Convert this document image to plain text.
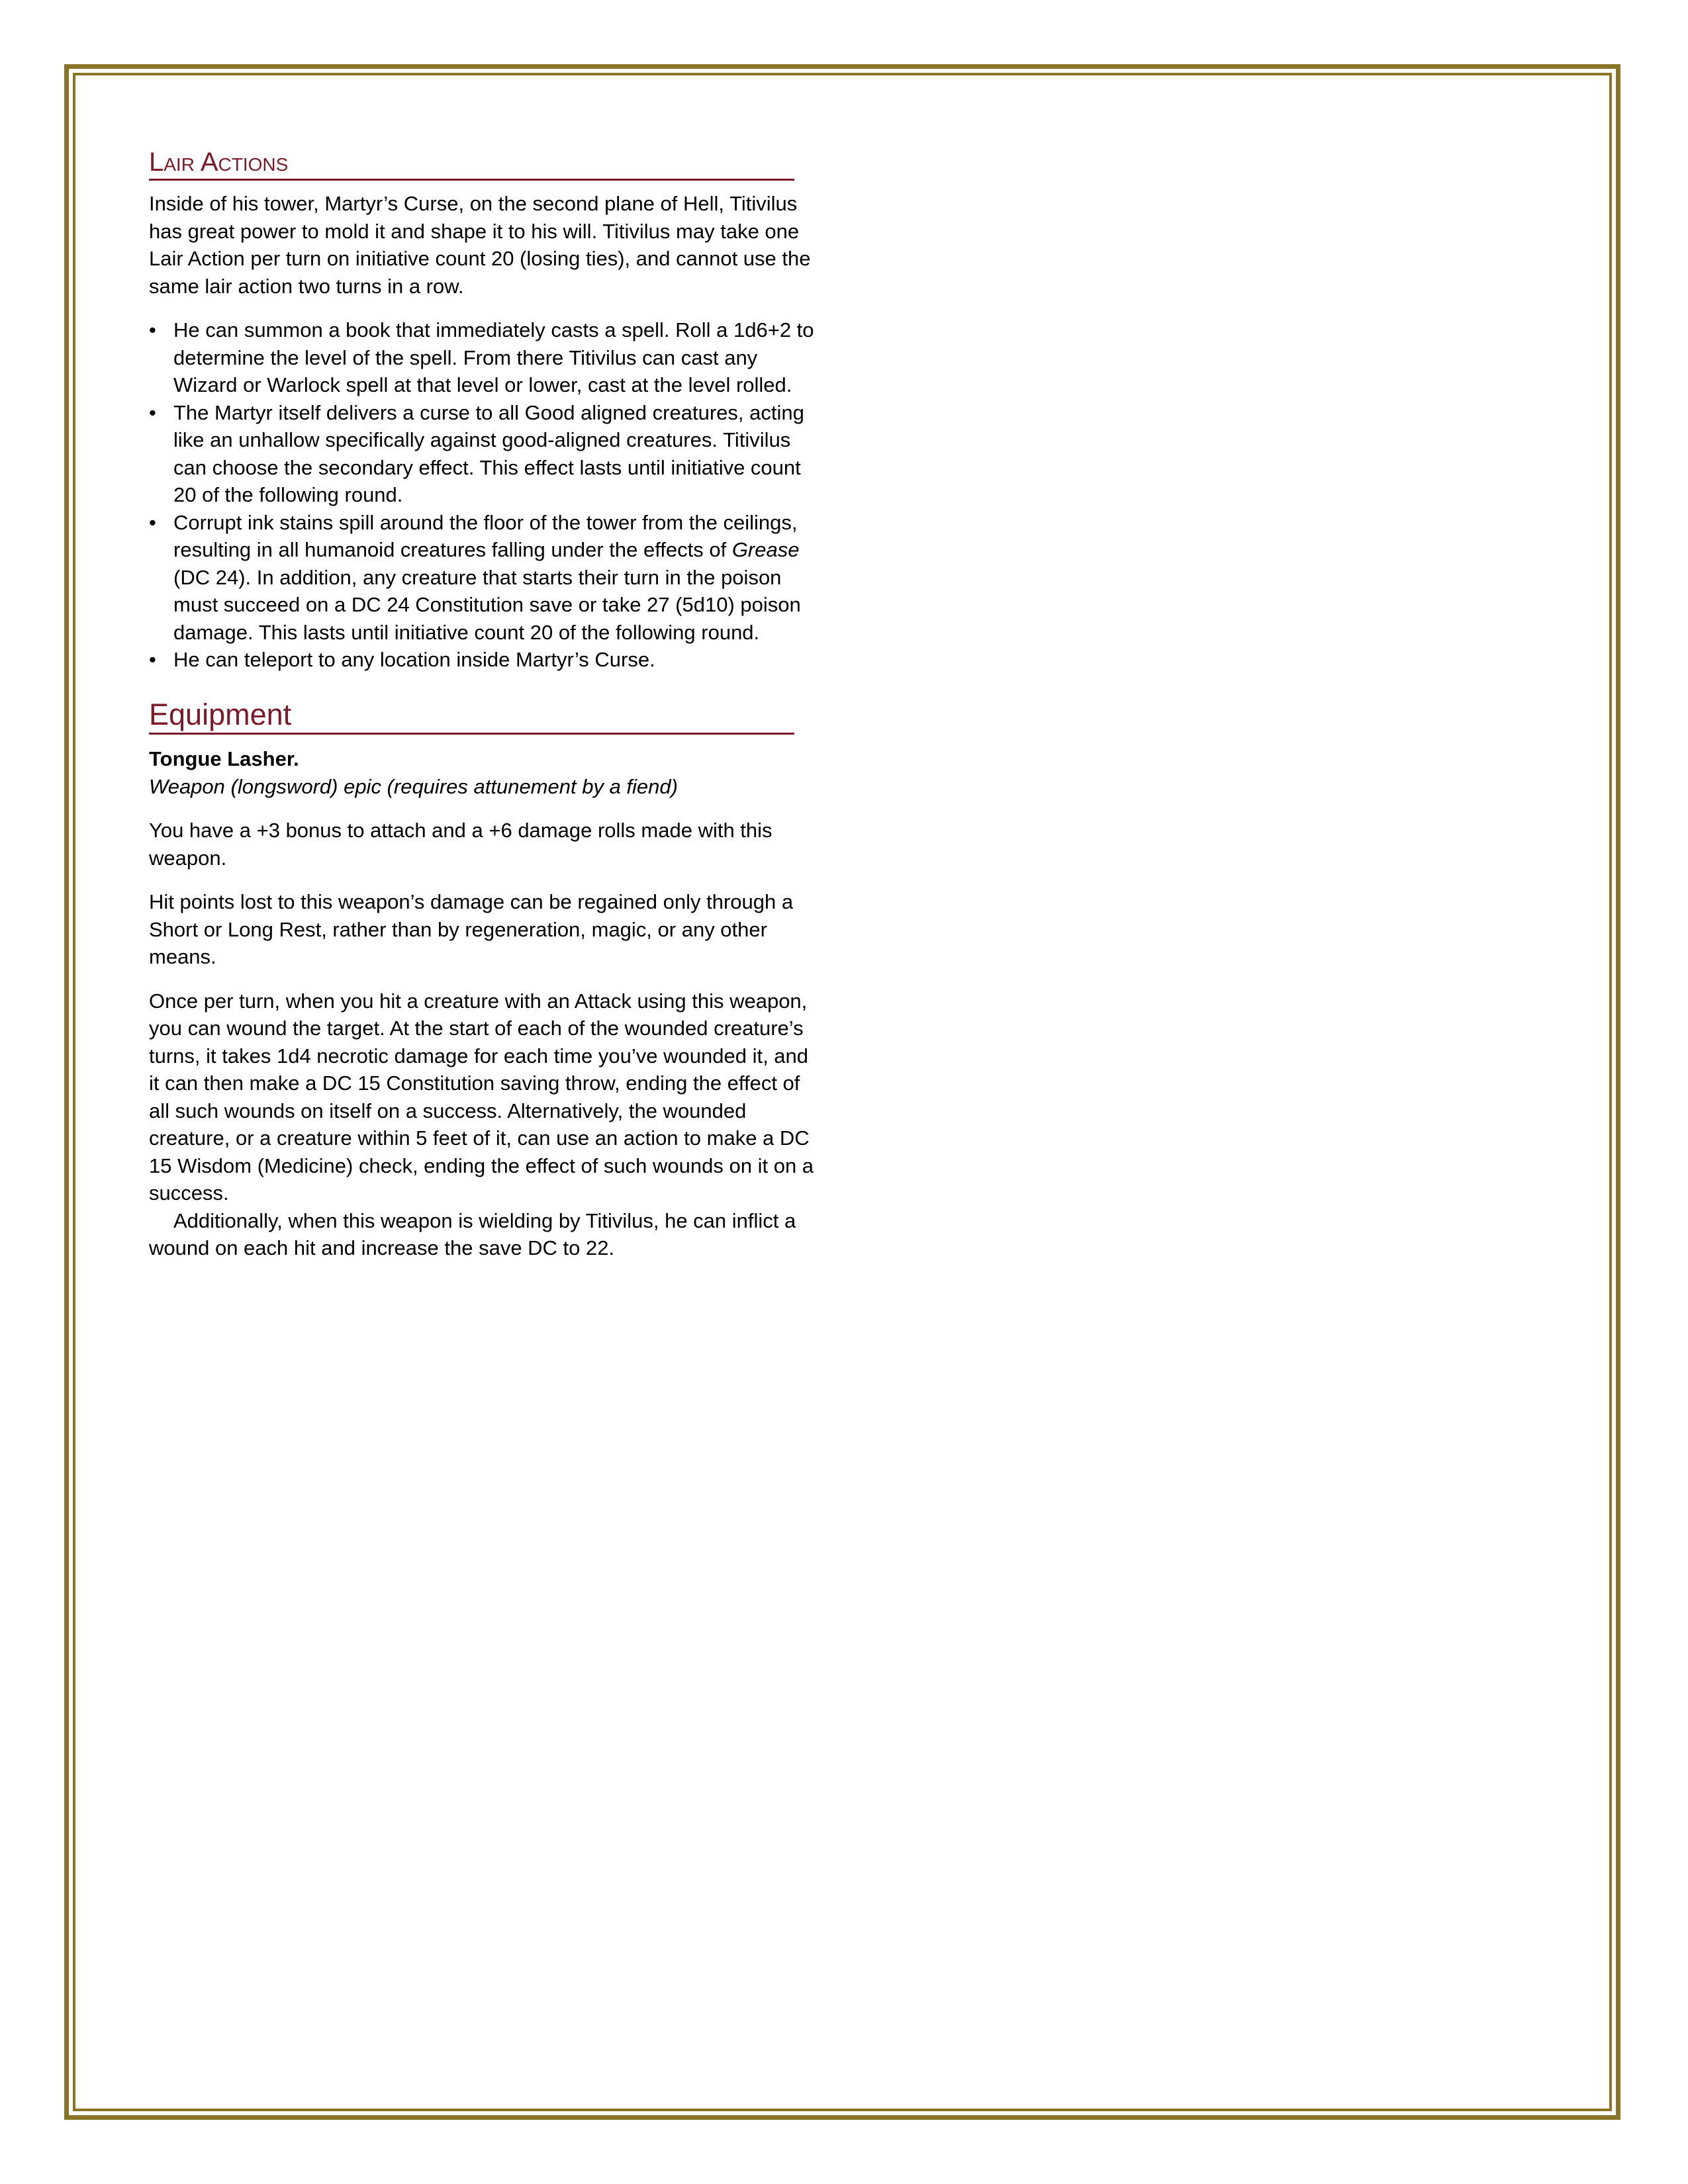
Lair Actions

Inside of his tower, Martyr’s Curse, on the second plane of Hell, Titivilus has great power to mold it and shape it to his will. Titivilus may take one Lair Action per turn on initiative count 20 (losing ties), and cannot use the same lair action two turns in a row.

• He can summon a book that immediately casts a spell. Roll a 1d6+2 to determine the level of the spell. From there Titivilus can cast any Wizard or Warlock spell at that level or lower, cast at the level rolled.
• The Martyr itself delivers a curse to all Good aligned creatures, acting like an unhallow specifically against good-aligned creatures. Titivilus can choose the secondary effect. This effect lasts until initiative count 20 of the following round.
• Corrupt ink stains spill around the floor of the tower from the ceilings, resulting in all humanoid creatures falling under the effects of Grease (DC 24). In addition, any creature that starts their turn in the poison must succeed on a DC 24 Constitution save or take 27 (5d10) poison damage. This lasts until initiative count 20 of the following round.
• He can teleport to any location inside Martyr’s Curse.
Equipment
Tongue Lasher.
Weapon (longsword) epic (requires attunement by a fiend)

You have a +3 bonus to attach and a +6 damage rolls made with this weapon.

Hit points lost to this weapon’s damage can be regained only through a Short or Long Rest, rather than by regeneration, magic, or any other means.

Once per turn, when you hit a creature with an Attack using this weapon, you can wound the target. At the start of each of the wounded creature’s turns, it takes 1d4 necrotic damage for each time you’ve wounded it, and it can then make a DC 15 Constitution saving throw, ending the effect of all such wounds on itself on a success. Alternatively, the wounded creature, or a creature within 5 feet of it, can use an action to make a DC 15 Wisdom (Medicine) check, ending the effect of such wounds on it on a success.

Additionally, when this weapon is wielding by Titivilus, he can inflict a wound on each hit and increase the save DC to 22.
